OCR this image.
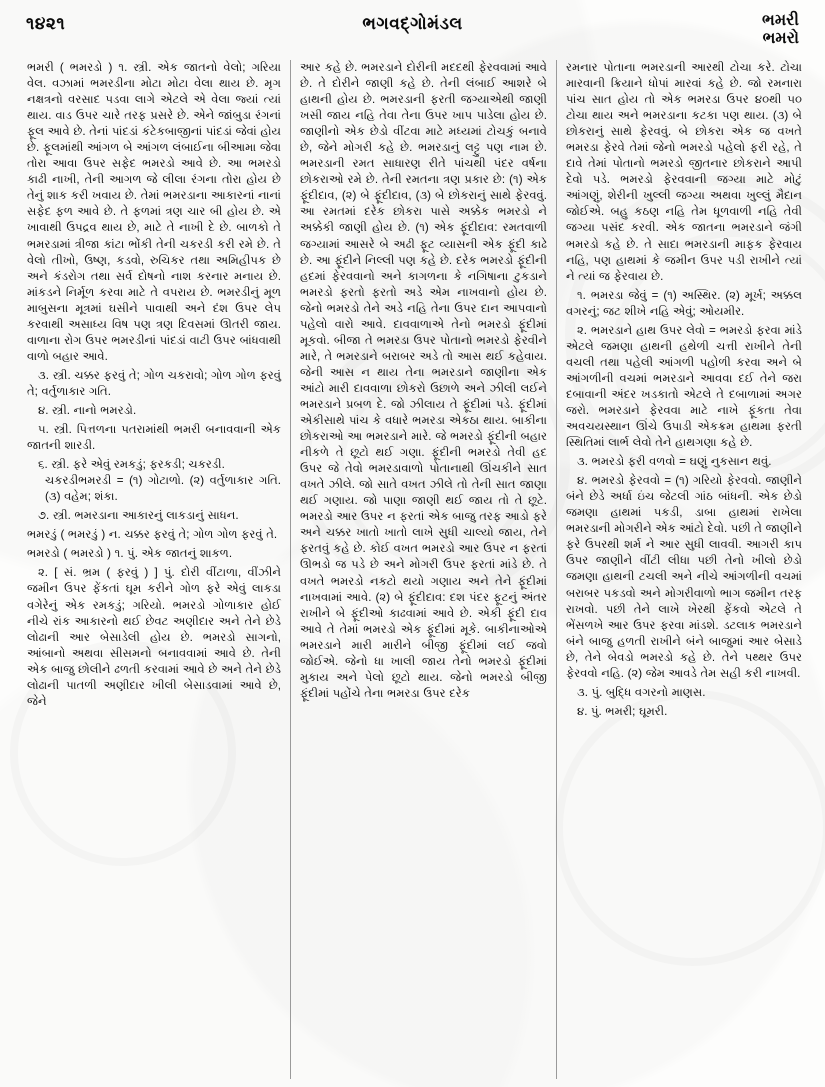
૧૪૨૧	ભગવદ્ગોમંડલ	ભમરી
ભમરો

ભમરી ( ભમરડો ) ૧. સ્ત્રી. એક જાતનો વેલો; ગરિયા વેલ. વઝામાં ભમરડીના મોટા મોટા વેલા થાય છે. મૃગ નક્ષત્રનો વરસાદ પડવા લાગે એટલે એ વેલા જ્યાં ત્યાં થાય. વાડ ઉપર ચારે તરફ પ્રસરે છે. એને જાંબુડા રંગનાં ફૂલ આવે છે. તેનાં પાંદડાં કંટેકબાજીનાં પાંદડાં જેવાં હોય છે. ફૂલમાંથી આંગળ બે આંગળ લંબાઈના બીઆમા જેવા તોરા આવા ઉપર સફેદ ભમરડો આવે છે. આ ભમરડો કાઢી નાખી, તેની આગળ જે લીલા રંગના તોરા હોય છે તેનું શાક કરી ખવાય છે. તેમાં ભમરડાના આકારનાં નાનાં સફેદ ફળ આવે છે. તે ફળમાં ત્રણ ચાર બી હોય છે. એ ખાવાથી ઉપદ્રવ થાય છે, માટે તે નાખી દે છે. બાળકો તે ભમરડામાં ત્રીજા કાંટા ભોંકી તેની ચકરડી કરી રમે છે. તે વેલો તીખો, ઉષ્ણ, કડવો, રુચિકર તથા અમિહીપક છે અને કંડરોગ તથા સર્વ દોષનો નાશ કરનાર મનાય છે. માંકડને નિર્મૂળ કરવા માટે તે વપરાય છે. ભમરડીનું મૂળ માબુસના મૂત્રમાં ઘસીને પાવાથી અને દંશ ઉપર લેપ કરવાથી અસાધ્ય વિષ પણ ત્રણ દિવસમાં ઊતરી જાય. વાળાના રોગ ઉપર ભમરડીનાં પાંદડાં વાટી ઉપર બાંધવાથી વાળો બહાર આવે.

૩. સ્ત્રી. ચક્કર ફરવું તે; ગોળ ચકરાવો; ગોળ ગોળ ફરવું તે; વર્તુળાકાર ગતિ.

૪. સ્ત્રી. નાનો ભમરડો.

૫. સ્ત્રી. પિત્તળના પતરામાંથી ભમરી બનાવવાની એક જાતની શારડી.

૬. સ્ત્રી. ફરે એવું રમકડું; ફરકડી; ચકરડી.

ચકરડીભમરડી = (૧) ગોટાળો. (૨) વર્તુળાકાર ગતિ. (૩) વહેમ; શંકા.

૭. સ્ત્રી. ભમરડાના આકારનું લાકડાનું સાધન.

ભમરડું ( ભમરડું ) ન. ચક્કર ફરવું તે; ગોળ ગોળ ફરવું તે.

ભમરડો ( ભમરડો ) ૧. પું. એક જાતનું શાકળ.

૨. [ સં. ભ્રમ ( ફરવું ) ] પું. દોરી વીંટાળા, વીંઝીને જમીન ઉપર ફેંકતાં ઘૂમ કરીને ગોળ ફરે એવું લાકડા વગેરેનું એક રમકડું; ગરિયો. ભમરડો ગોળાકાર હોઈ નીચે રાંક આકારનો થઈ છેવટ અણીદાર અને તેને છેડે લોઢાની આર બેસાડેલી હોય છે. ભમરડો સાગનો, આંબાનો અથવા સીસમનો બનાવવામાં આવે છે. તેની એક બાજુ છોલીને ઢળતી કરવામાં આવે છે અને તેને છેડે લોઢાની પાતળી અણીદાર ખીલી બેસાડવામાં આવે છે, જેને

આર કહે છે. ભમરડાને દોરીની મદદથી ફેરવવામાં આવે છે. તે દોરીને જાણી કહે છે. તેની લંબાઈ આશરે બે હાથની હોય છે. ભમરડાની ફરતી જગ્યાએથી જાણી ખસી જાય નહિ તેવા તેના ઉપર ખાપ પાડેલા હોય છે. જાણીનો એક છેડો વીંટવા માટે મધ્યમાં ટોચકું બનાવે છે, જેને મોગરી કહે છે. ભમરડાનું લટ્ટુ પણ નામ છે. ભમરડાની રમત સાધારણ રીતે પાંચથી પંદર વર્ષના છોકરાઓ રમે છે. તેની રમતના ત્રણ પ્રકાર છે: (૧) એક ફૂંદીદાવ, (૨) બે ફૂંદીદાવ, (૩) બે છોકરાનું સાથે ફેરવવું. આ રમતમાં દરેક છોકરા પાસે અક્કેક ભમરડો ને અક્કેકી જાણી હોય છે. (૧) એક ફૂંદીદાવ: રમતવાળી જગ્યામાં આસરે બે અઢી ફૂટ વ્યાસની એક ફૂંદી કાઢે છે. આ ફૂંદીને નિલ્લી પણ કહે છે. દરેક ભમરડો ફૂંદીની હદમાં ફેરવવાનો અને કાગળના કે નગિષાના ટુકડાને ભમરડો ફરતો ફરતો અડે એમ નાખવાનો હોય છે. જેનો ભમરડો તેને અડે નહિ તેના ઉપર દાન આપવાનો પહેલો વારો આવે. દાવવાળાએ તેનો ભમરડો ફૂંદીમાં મૂકવો. બીજા તે ભમરડા ઉપર પોતાનો ભમરડો ફેરવીને મારે, તે ભમરડાને બરાબર અડે તો આસ થઈ કહેવાય. જેની આસ ન થાય તેના ભમરડાને જાણીના એક આંટો મારી દાવવાળા છોકરો ઉછાળે અને ઝીલી લઈને ભમરડાને પ્રબળ દે. જો ઝીલાય તે ફૂંદીમાં પડે. ફૂંદીમાં એકીસાથે પાંચ કે વધારે ભમરડા એકઠા થાય. બાકીના છોકરાઓ આ ભમરડાને મારે. જે ભમરડો ફૂંદીની બહાર નીકળે તે છૂટો થઈ ગણા. ફૂંદીની ભમરડો તેવી હદ ઉપર જે તેવો ભમરડાવાળો પોતાનાથી ઊંચકીને સાત વખતે ઝીલે. જો સાતે વખત ઝીલે તો તેની સાત જાણા થઈ ગણાય. જો પાણા જાણી થઈ જાય તો તે છૂટે. ભમરડો આર ઉપર ન ફરતાં એક બાજુ તરફ આડો ફરે અને ચક્કર ખાતો ખાતો લાખે સુધી ચાલ્યો જાય, તેને ફરતવું કહે છે. કોઈ વખત ભમરડો આર ઉપર ન ફરતાં ઊભડો જ પડે છે અને મોગરી ઉપર ફરતાં માંડે છે. તે વખતે ભમરડો નકટો થયો ગણાય અને તેને ફૂંદીમાં નાખવામાં આવે. (૨) બે ફૂંદીદાવ: દશ પંદર ફૂટનું અંતર રાખીને બે ફૂંદીઓ કાઢવામાં આવે છે. એકી ફૂંદી દાવ આવે તે તેમાં ભમરડો એક ફૂંદીમાં મૂકે. બાકીનાઓએ ભમરડાને મારી મારીને બીજી ફૂંદીમાં લઈ જવો જોઈએ. જેનો ધા ખાલી જાય તેનો ભમરડો ફૂંદીમાં મુકાય અને પેલો છૂટો થાય. જેનો ભમરડો બીજી ફૂંદીમાં પહોંચે તેના ભમરડા ઉપર દરેક

રમનાર પોતાના ભમરડાની આરથી ટોચા કરે. ટોચા મારવાની ક્રિયાને ધોપાં મારવાં કહે છે. જો રમનારા પાંચ સાત હોય તો એક ભમરડા ઉપર ૪૦થી ૫૦ ટોચા થાય અને ભમરડાના કટકા પણ થાય. (૩) બે છોકરાનું સાથે ફેરવવું. બે છોકરા એક જ વખતે ભમરડા ફેરવે તેમાં જેનો ભમરડો પહેલો ફરી રહે, તે દાવે તેમાં પોતાનો ભમરડો જીતનાર છોકરાને આપી દેવો પડે. ભમરડો ફેરવવાની જગ્યા માટે મોટું આંગણું, શેરીની ખુલ્લી જગ્યા અથવા ખુલ્લું મૈદાન જોઈએ. બહુ કઠણ નહિ તેમ ધૂળવાળી નહિ તેવી જગ્યા પસંદ કરવી. એક જાતના ભમરડાને જંગી ભમરડો કહે છે. તે સાદા ભમરડાની માફક ફેરવાય નહિ, પણ હાથમાં કે જમીન ઉપર પડી રાખીને ત્યાં ને ત્યાં જ ફેરવાય છે.

૧. ભમરડા જેવું = (૧) અસ્થિર. (૨) મૂર્ખ; અક્કલ વગરનું; જટ શીખે નહિ એવું; ઓયમીર.

૨. ભમરડાને હાથ ઉપર લેવો = ભમરડો ફરવા માંડે એટલે જમણા હાથની હથેળી ચત્તી રાખીને તેની વચલી તથા પહેલી આંગળી પહોળી કરવા અને બે આંગળીની વચમાં ભમરડાને આવવા દઈ તેને જરા દબાવાની અંદર ખડકાતો એટલે તે દબાળામાં અગર જરો. ભમરડાને ફેરવવા માટે નાખે ફૂંકતા તેવા અવચયસ્થાન ઊંચે ઉપાડી એકક્રમ હાથમા ફરતી સ્થિતિમાં લાર્ભ લેવો તેને હાથગણા કહે છે.

૩. ભમરડો ફરી વળવો = ઘણું નુકસાન થવું.

૪. ભમરડો ફેરવવો = (૧) ગરિયો ફેરવવો. જાણીને બંને છેડે અર્ધા ઇંચ જેટલી ગાંઠ બાંધની. એક છેડો જમણા હાથમાં પકડી, ડાબા હાથમાં રાખેલા ભમરડાની મોગરીને એક આંટો દેવો. પછી તે જાણીને ફરે ઉપરથી શર્મ ને આર સુધી લાવવી. આગરી કાપ ઉપર જાણીને વીંટી લીધા પછી તેનો ખીલો છેડો જમણા હાથની ટચલી અને નીચે આંગળીની વચમાં બરાબર પકડવો અને મોગરીવાળો ભાગ જમીન તરફ રાખવો. પછી તેને લાખે ખેરથી ફેંકવો એટલે તે ભેંસળખે આર ઉપર ફરવા માંડશે. ડટલાક ભમરડાને બંને બાજુ હળતી રાખીને બંને બાજુમાં આર બેસાડે છે, તેને બેવડો ભમરડો કહે છે. તેને પથ્થર ઉપર ફેરવવો નહિ. (૨) જેમ આવડે તેમ સહી કરી નાખવી.

૩. પું. બુદ્ધિ વગરનો માણસ.

૪. પું. ભમરી; ઘૂમરી.
